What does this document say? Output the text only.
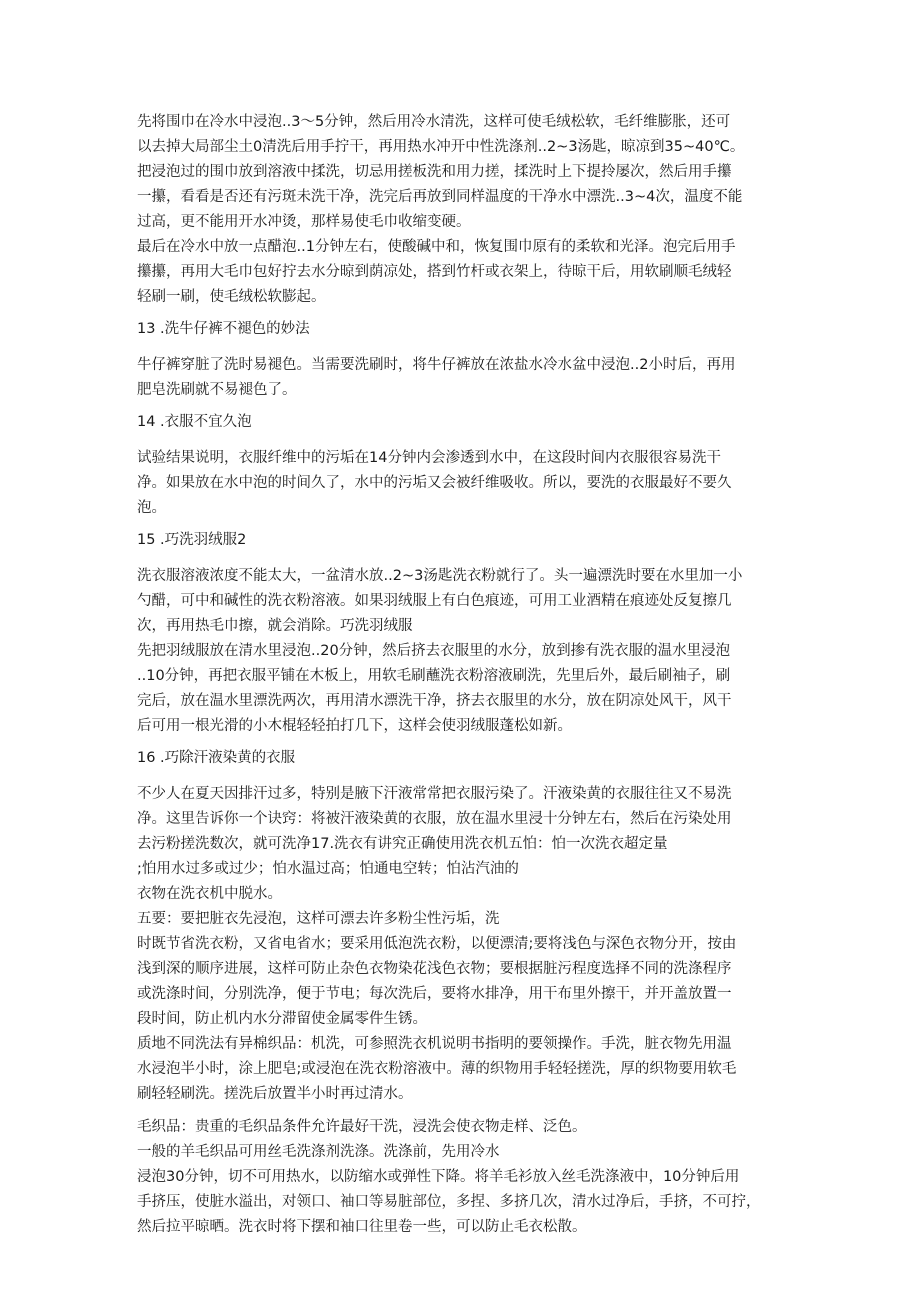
先将围巾在冷水中浸泡..3～5分钟，然后用冷水清洗，这样可使毛绒松软，毛纤维膨胀，还可
以去掉大局部尘土0清洗后用手拧干，再用热水冲开中性洗涤剂..2~3汤匙，晾凉到35~40℃。
把浸泡过的围巾放到溶液中揉洗，切忌用搓板洗和用力搓，揉洗时上下提拎屡次，然后用手攥
一攥，看看是否还有污斑未洗干净，洗完后再放到同样温度的干净水中漂洗..3~4次，温度不能
过高，更不能用开水冲烫，那样易使毛巾收缩变硬。
最后在冷水中放一点醋泡..1分钟左右，使酸碱中和，恢复围巾原有的柔软和光泽。泡完后用手
攥攥，再用大毛巾包好拧去水分晾到荫凉处，搭到竹杆或衣架上，待晾干后，用软刷顺毛绒轻
轻刷一刷，使毛绒松软膨起。

13 .洗牛仔裤不褪色的妙法

牛仔裤穿脏了洗时易褪色。当需要洗刷时，将牛仔裤放在浓盐水冷水盆中浸泡..2小时后，再用
肥皂洗刷就不易褪色了。

14 .衣服不宜久泡

试验结果说明，衣服纤维中的污垢在14分钟内会渗透到水中，在这段时间内衣服很容易洗干
净。如果放在水中泡的时间久了，水中的污垢又会被纤维吸收。所以，要洗的衣服最好不要久
泡。

15 .巧洗羽绒服2

洗衣服溶液浓度不能太大，一盆清水放..2~3汤匙洗衣粉就行了。头一遍漂洗时要在水里加一小
勺醋，可中和碱性的洗衣粉溶液。如果羽绒服上有白色痕迹，可用工业酒精在痕迹处反复擦几
次，再用热毛巾擦，就会消除。巧洗羽绒服
先把羽绒服放在清水里浸泡..20分钟，然后挤去衣服里的水分，放到掺有洗衣服的温水里浸泡
..10分钟，再把衣服平铺在木板上，用软毛刷蘸洗衣粉溶液刷洗，先里后外，最后刷袖子，刷
完后，放在温水里漂洗两次，再用清水漂洗干净，挤去衣服里的水分，放在阴凉处风干，风干
后可用一根光滑的小木棍轻轻拍打几下，这样会使羽绒服蓬松如新。

16 .巧除汗液染黄的衣服

不少人在夏天因排汗过多，特别是腋下汗液常常把衣服污染了。汗液染黄的衣服往往又不易洗
净。这里告诉你一个诀窍：将被汗液染黄的衣服，放在温水里浸十分钟左右，然后在污染处用
去污粉搓洗数次，就可洗净17.洗衣有讲究正确使用洗衣机五怕：怕一次洗衣超定量
;怕用水过多或过少；怕水温过高；怕通电空转；怕沾汽油的
衣物在洗衣机中脱水。
五要：要把脏衣先浸泡，这样可漂去许多粉尘性污垢，洗
时既节省洗衣粉，又省电省水；要采用低泡洗衣粉，以便漂清;要将浅色与深色衣物分开，按由
浅到深的顺序进展，这样可防止杂色衣物染花浅色衣物；要根据脏污程度选择不同的洗涤程序
或洗涤时间，分别洗净，便于节电；每次洗后，要将水排净，用干布里外擦干，并开盖放置一
段时间，防止机内水分滞留使金属零件生锈。
质地不同洗法有异棉织品：机洗，可参照洗衣机说明书指明的要领操作。手洗，脏衣物先用温
水浸泡半小时，涂上肥皂;或浸泡在洗衣粉溶液中。薄的织物用手轻轻搓洗，厚的织物要用软毛
刷轻轻刷洗。搓洗后放置半小时再过清水。

毛织品：贵重的毛织品条件允许最好干洗，浸洗会使衣物走样、泛色。
一般的羊毛织品可用丝毛洗涤剂洗涤。洗涤前，先用冷水
浸泡30分钟，切不可用热水，以防缩水或弹性下降。将羊毛衫放入丝毛洗涤液中，10分钟后用
手挤压，使脏水溢出，对领口、袖口等易脏部位，多捏、多挤几次，清水过净后，手挤，不可拧，
然后拉平晾晒。洗衣时将下摆和袖口往里卷一些，可以防止毛衣松散。
